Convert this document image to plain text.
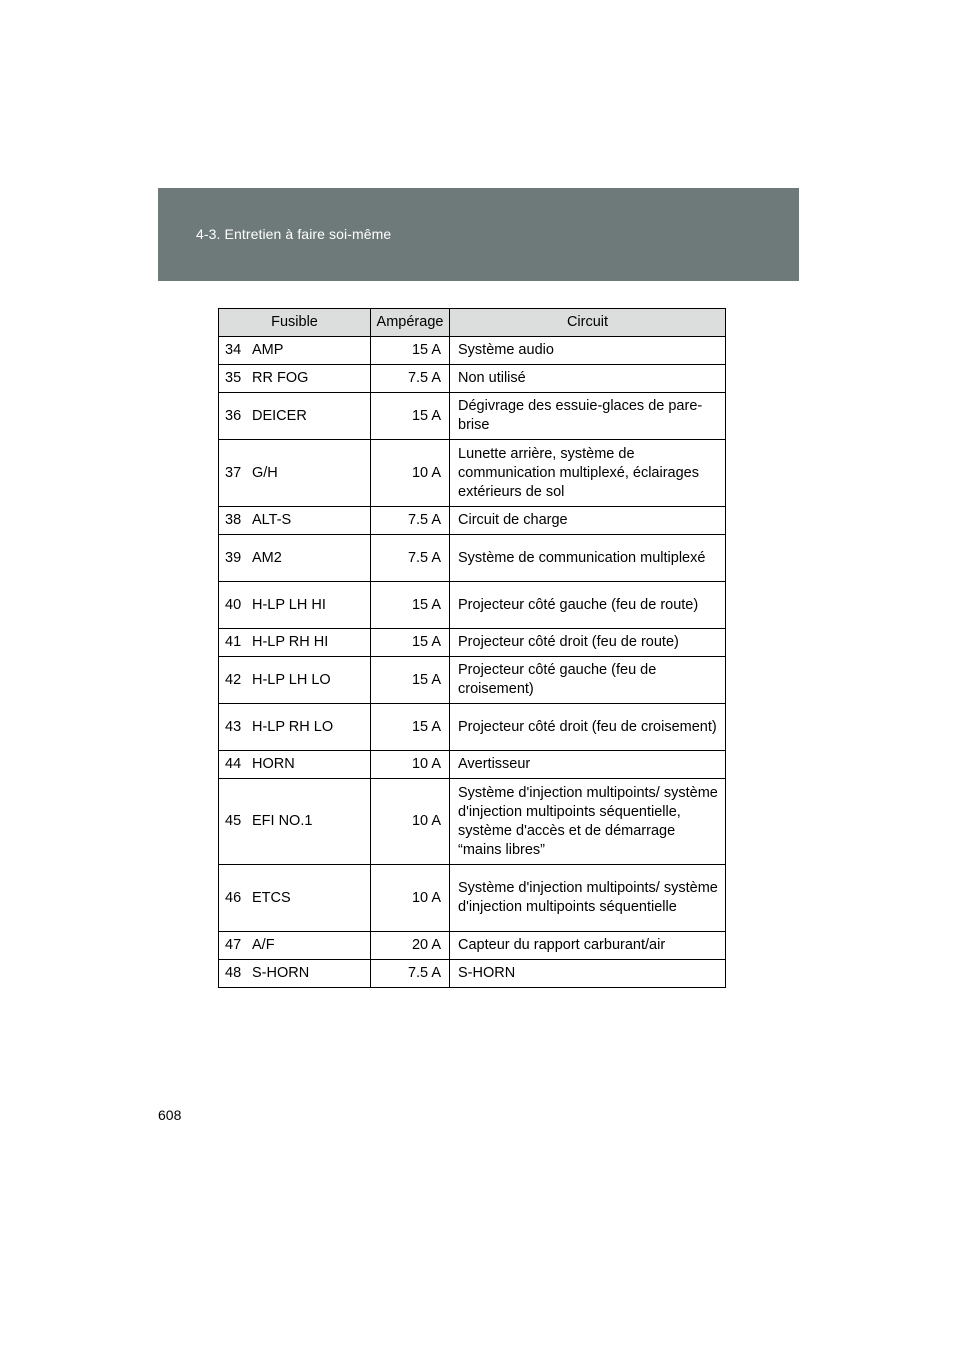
4-3. Entretien à faire soi-même
Fusible		Ampérage	Circuit
34	AMP	15 A	Système audio
35	RR FOG	7.5 A	Non utilisé
36	DEICER	15 A	Dégivrage des essuie-glaces de pare-brise
37	G/H	10 A	Lunette arrière, système de communication multiplexé, éclairages extérieurs de sol
38	ALT-S	7.5 A	Circuit de charge
39	AM2	7.5 A	Système de communication multiplexé
40	H-LP LH HI	15 A	Projecteur côté gauche (feu de route)
41	H-LP RH HI	15 A	Projecteur côté droit (feu de route)
42	H-LP LH LO	15 A	Projecteur côté gauche (feu de croisement)
43	H-LP RH LO	15 A	Projecteur côté droit (feu de croisement)
44	HORN	10 A	Avertisseur
45	EFI NO.1	10 A	Système d'injection multipoints/ système d'injection multipoints séquentielle, système d'accès et de démarrage “mains libres”
46	ETCS	10 A	Système d'injection multipoints/ système d'injection multipoints séquentielle
47	A/F	20 A	Capteur du rapport carburant/air
48	S-HORN	7.5 A	S-HORN
608
